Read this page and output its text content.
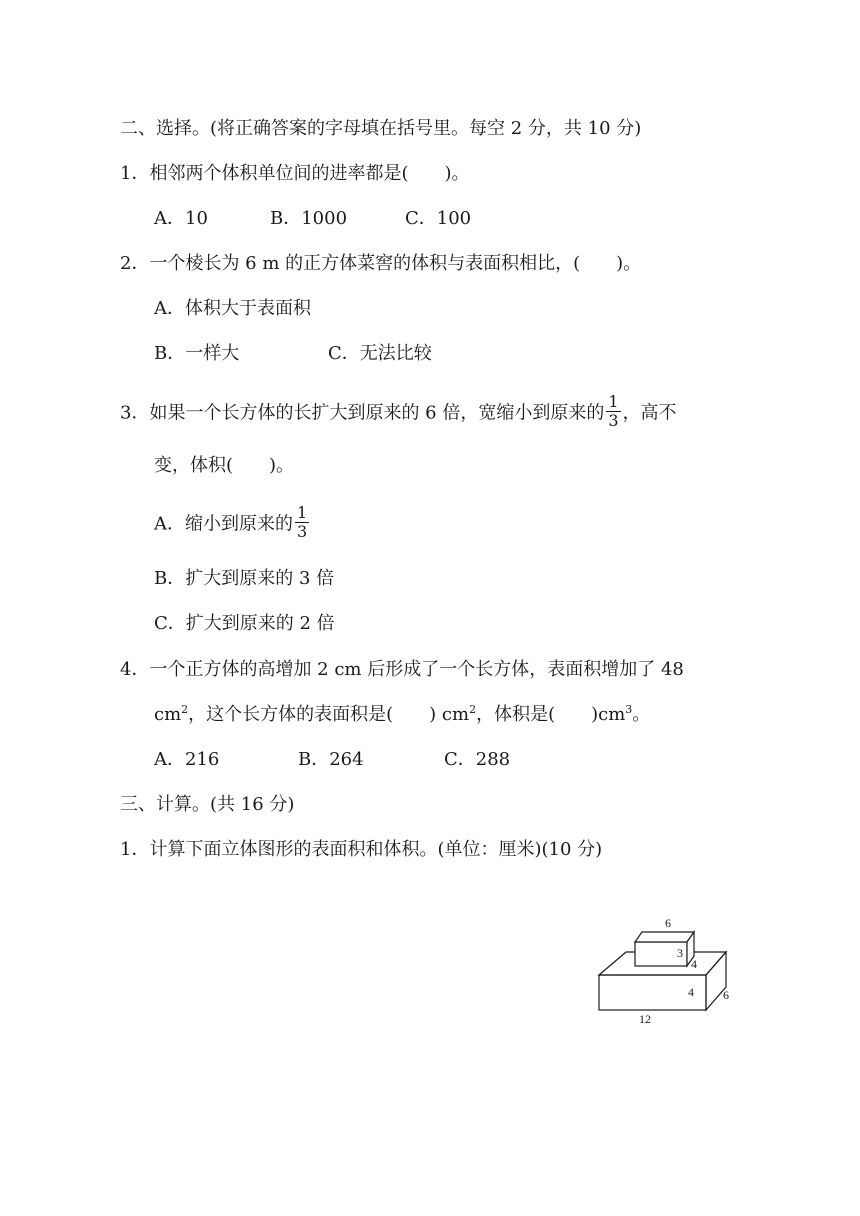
二、选择。(将正确答案的字母填在括号里。每空 2 分，共 10 分)
1．相邻两个体积单位间的进率都是(　　)。
A．10	B．1000	C．100
2．一个棱长为 6 m 的正方体菜窖的体积与表面积相比，(　　)。
A．体积大于表面积
B．一样大	C．无法比较
3．如果一个长方体的长扩大到原来的 6 倍，宽缩小到原来的 $\frac{1}{3}$ ，高不
变，体积(　　)。
A．缩小到原来的 $\frac{1}{3}$
B．扩大到原来的 3 倍
C．扩大到原来的 2 倍
4．一个正方体的高增加 2 cm 后形成了一个长方体，表面积增加了 48
$cm^2$，这个长方体的表面积是(　　) $cm^2$，体积是(　　)$cm^3$。
A．216	B．264	C．288
三、计算。(共 16 分)
1．计算下面立体图形的表面积和体积。(单位：厘米)(10 分)
6
3
4
4 6
12
